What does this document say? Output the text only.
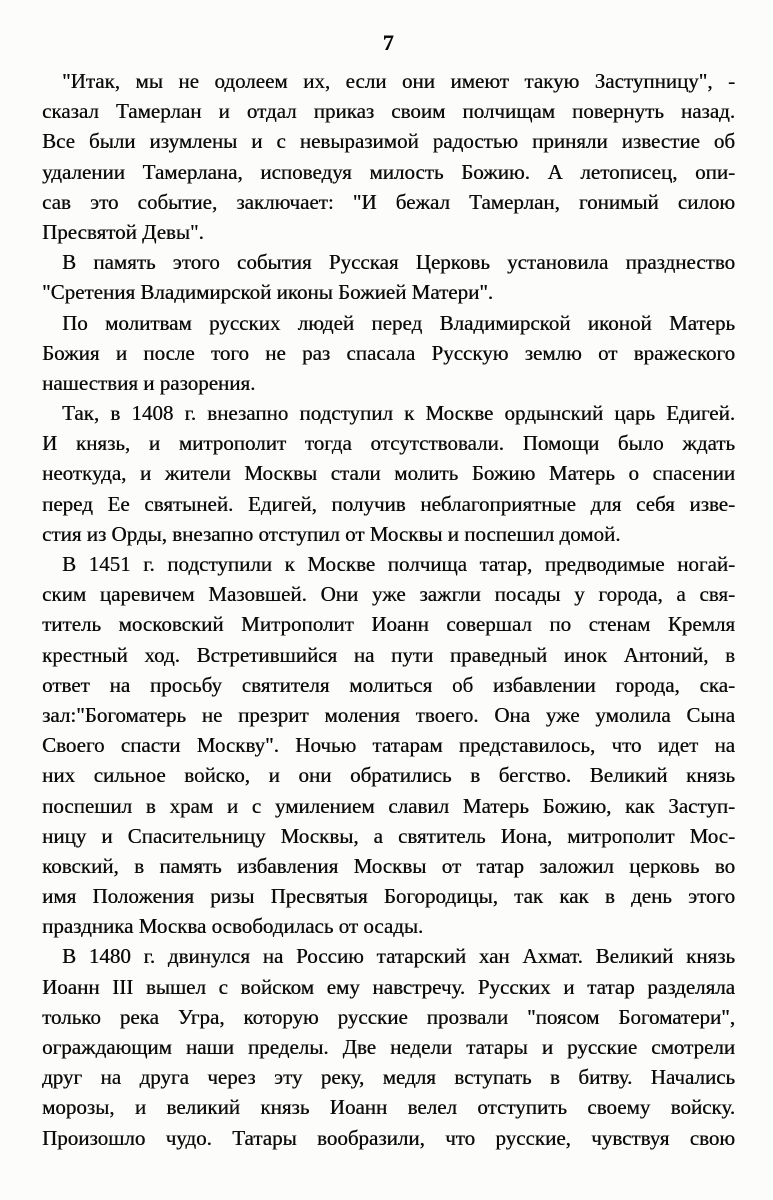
7
"Итак, мы не одолеем их, если они имеют такую Заступницу", -
сказал Тамерлан и отдал приказ своим полчищам повернуть назад.
Все были изумлены и с невыразимой радостью приняли известие об
удалении Тамерлана, исповедуя милость Божию. А летописец, опи-
сав это событие, заключает: "И бежал Тамерлан, гонимый силою
Пресвятой Девы".
В память этого события Русская Церковь установила празднество
"Сретения Владимирской иконы Божией Матери".
По молитвам русских людей перед Владимирской иконой Матерь
Божия и после того не раз спасала Русскую землю от вражеского
нашествия и разорения.
Так, в 1408 г. внезапно подступил к Москве ордынский царь Едигей.
И князь, и митрополит тогда отсутствовали. Помощи было ждать
неоткуда, и жители Москвы стали молить Божию Матерь о спасении
перед Ее святыней. Едигей, получив неблагоприятные для себя изве-
стия из Орды, внезапно отступил от Москвы и поспешил домой.
В 1451 г. подступили к Москве полчища татар, предводимые ногай-
ским царевичем Мазовшей. Они уже зажгли посады у города, а свя-
титель московский Митрополит Иоанн совершал по стенам Кремля
крестный ход. Встретившийся на пути праведный инок Антоний, в
ответ на просьбу святителя молиться об избавлении города, ска-
зал:"Богоматерь не презрит моления твоего. Она уже умолила Сына
Своего спасти Москву". Ночью татарам представилось, что идет на
них сильное войско, и они обратились в бегство. Великий князь
поспешил в храм и с умилением славил Матерь Божию, как Заступ-
ницу и Спасительницу Москвы, а святитель Иона, митрополит Мос-
ковский, в память избавления Москвы от татар заложил церковь во
имя Положения ризы Пресвятыя Богородицы, так как в день этого
праздника Москва освободилась от осады.
В 1480 г. двинулся на Россию татарский хан Ахмат. Великий князь
Иоанн III вышел с войском ему навстречу. Русских и татар разделяла
только река Угра, которую русские прозвали "поясом Богоматери",
ограждающим наши пределы. Две недели татары и русские смотрели
друг на друга через эту реку, медля вступать в битву. Начались
морозы, и великий князь Иоанн велел отступить своему войску.
Произошло чудо. Татары вообразили, что русские, чувствуя свою
